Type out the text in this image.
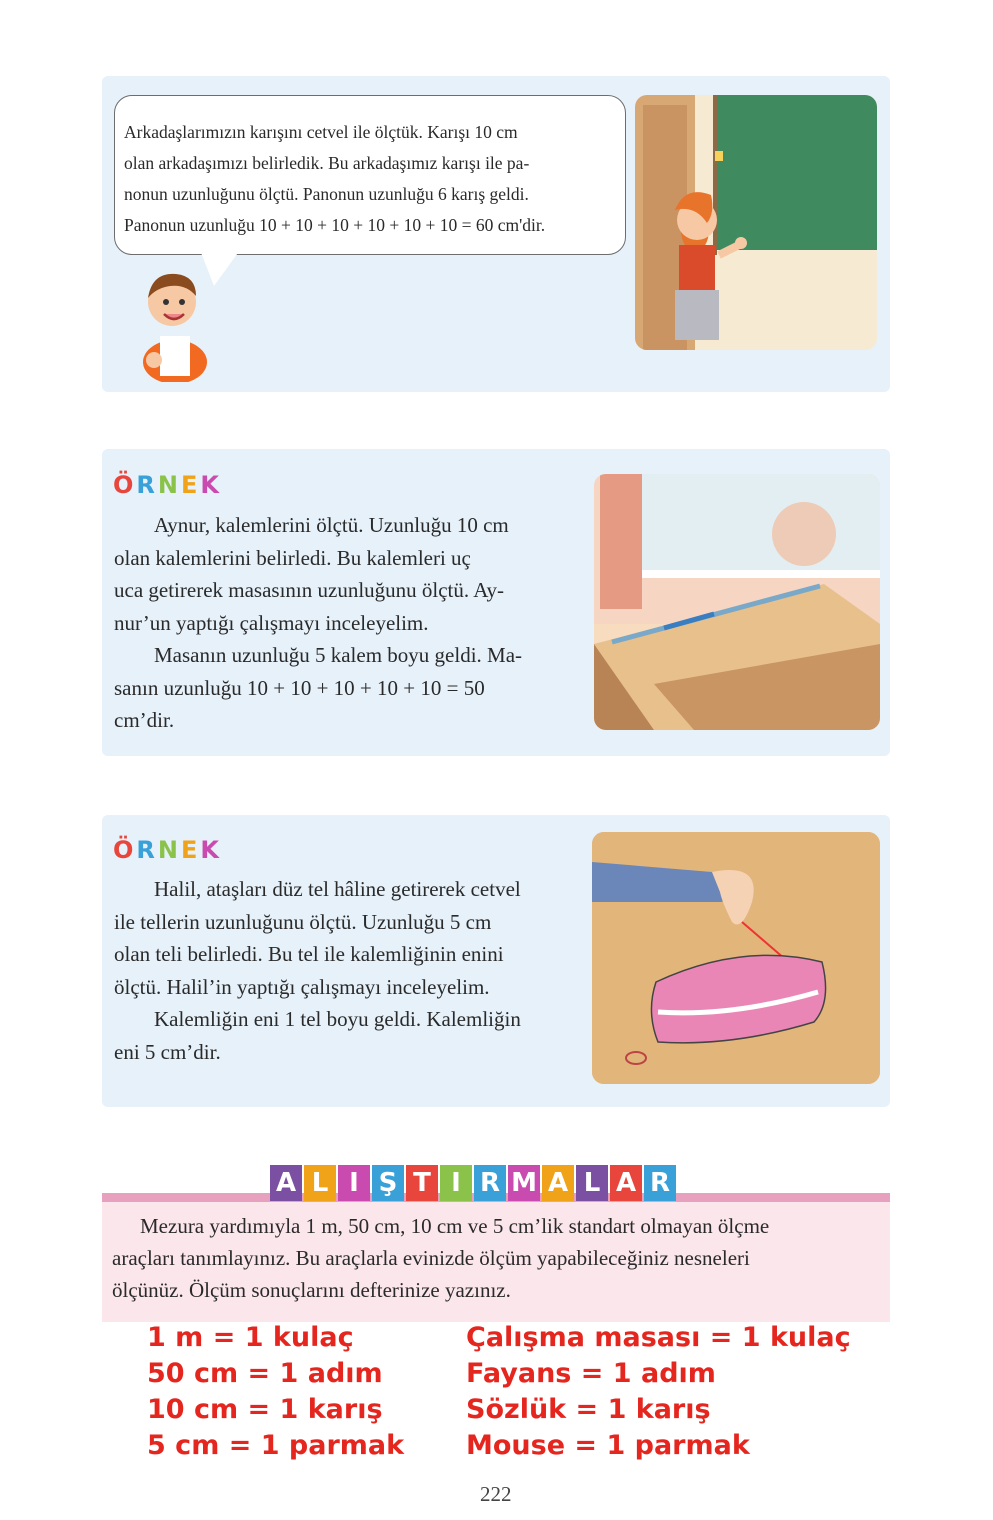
Arkadaşlarımızın karışını cetvel ile ölçtük. Karışı 10 cm
olan arkadaşımızı belirledik. Bu arkadaşımız karışı ile pa-
nonun uzunluğunu ölçtü. Panonun uzunluğu 6 karış geldi.
Panonun uzunluğu 10 + 10 + 10 + 10 + 10 + 10 = 60 cm'dir.
ÖRNEK
Aynur, kalemlerini ölçtü. Uzunluğu 10 cm
olan kalemlerini belirledi. Bu kalemleri uç
uca getirerek masasının uzunluğunu ölçtü. Ay-
nur’un yaptığı çalışmayı inceleyelim.
Masanın uzunluğu 5 kalem boyu geldi. Ma-
sanın uzunluğu 10 + 10 + 10 + 10 + 10 = 50
cm’dir.
ÖRNEK
Halil, ataşları düz tel hâline getirerek cetvel
ile tellerin uzunluğunu ölçtü. Uzunluğu 5 cm
olan teli belirledi. Bu tel ile kalemliğinin enini
ölçtü. Halil’in yaptığı çalışmayı inceleyelim.
Kalemliğin eni 1 tel boyu geldi. Kalemliğin
eni 5 cm’dir.
A L I Ş T I R M A L A R
Mezura yardımıyla 1 m, 50 cm, 10 cm ve 5 cm’lik standart olmayan ölçme
araçları tanımlayınız. Bu araçlarla evinizde ölçüm yapabileceğiniz nesneleri
ölçünüz. Ölçüm sonuçlarını defterinize yazınız.
1 m = 1 kulaç
50 cm = 1 adım
10 cm = 1 karış
5 cm = 1 parmak
Çalışma masası = 1 kulaç
Fayans = 1 adım
Sözlük = 1 karış
Mouse = 1 parmak
222
